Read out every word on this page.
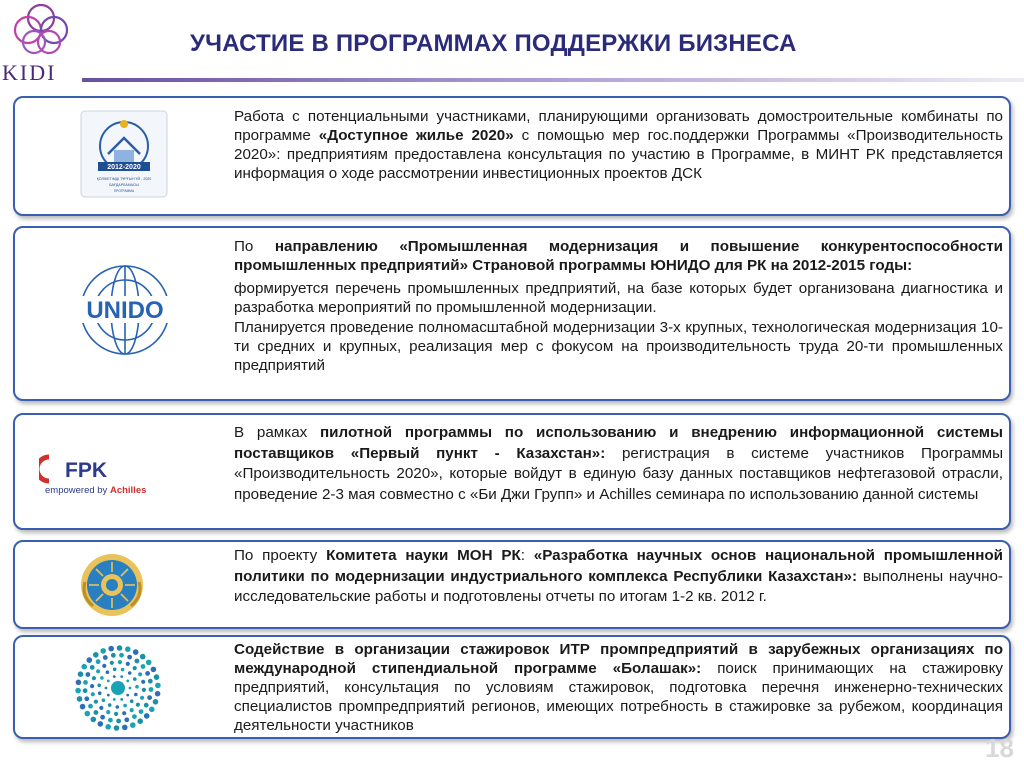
KIDI
УЧАСТИЕ В ПРОГРАММАХ ПОДДЕРЖКИ БИЗНЕСА
2012-2020
ҚОЛЖЕТІМДІ ТҰРҒЫН ҮЙ - 2020
БАҒДАРЛАМАСЫ
ПРОГРАММА

Работа с потенциальными участниками, планирующими организовать домостроительные комбинаты по программе «Доступное жилье 2020» с помощью мер гос.поддержки Программы «Производительность 2020»: предприятиям предоставлена консультация по участию в Программе, в МИНТ РК представляется информация о ходе рассмотрении инвестиционных проектов ДСК

UNIDO

По направлению «Промышленная модернизация и повышение конкурентоспособности промышленных предприятий» Страновой программы ЮНИДО для РК на 2012-2015 годы:

формируется перечень промышленных предприятий, на базе которых будет организована диагностика и разработка мероприятий по промышленной модернизации.

Планируется проведение полномасштабной модернизации 3-х крупных, технологическая модернизация 10-ти средних и крупных, реализация мер с фокусом на производительность труда 20-ти промышленных предприятий

FPK
empowered by Achilles

В рамках пилотной программы по использованию и внедрению информационной системы поставщиков «Первый пункт - Казахстан»: регистрация в системе участников Программы «Производительность 2020», которые войдут в единую базу данных поставщиков нефтегазовой отрасли, проведение 2-3 мая совместно с «Би Джи Групп» и Achilles семинара по использованию данной системы

По проекту Комитета науки МОН РК: «Разработка научных основ национальной промышленной политики по модернизации индустриального комплекса Республики Казахстан»: выполнены научно-исследовательские работы и подготовлены отчеты по итогам 1-2 кв. 2012 г.

Содействие в организации стажировок ИТР промпредприятий в зарубежных организациях по международной стипендиальной программе «Болашак»: поиск принимающих на стажировку предприятий, консультация по условиям стажировок, подготовка перечня инженерно-технических специалистов промпредприятий регионов, имеющих потребность в стажировке за рубежом, координация деятельности участников

18
